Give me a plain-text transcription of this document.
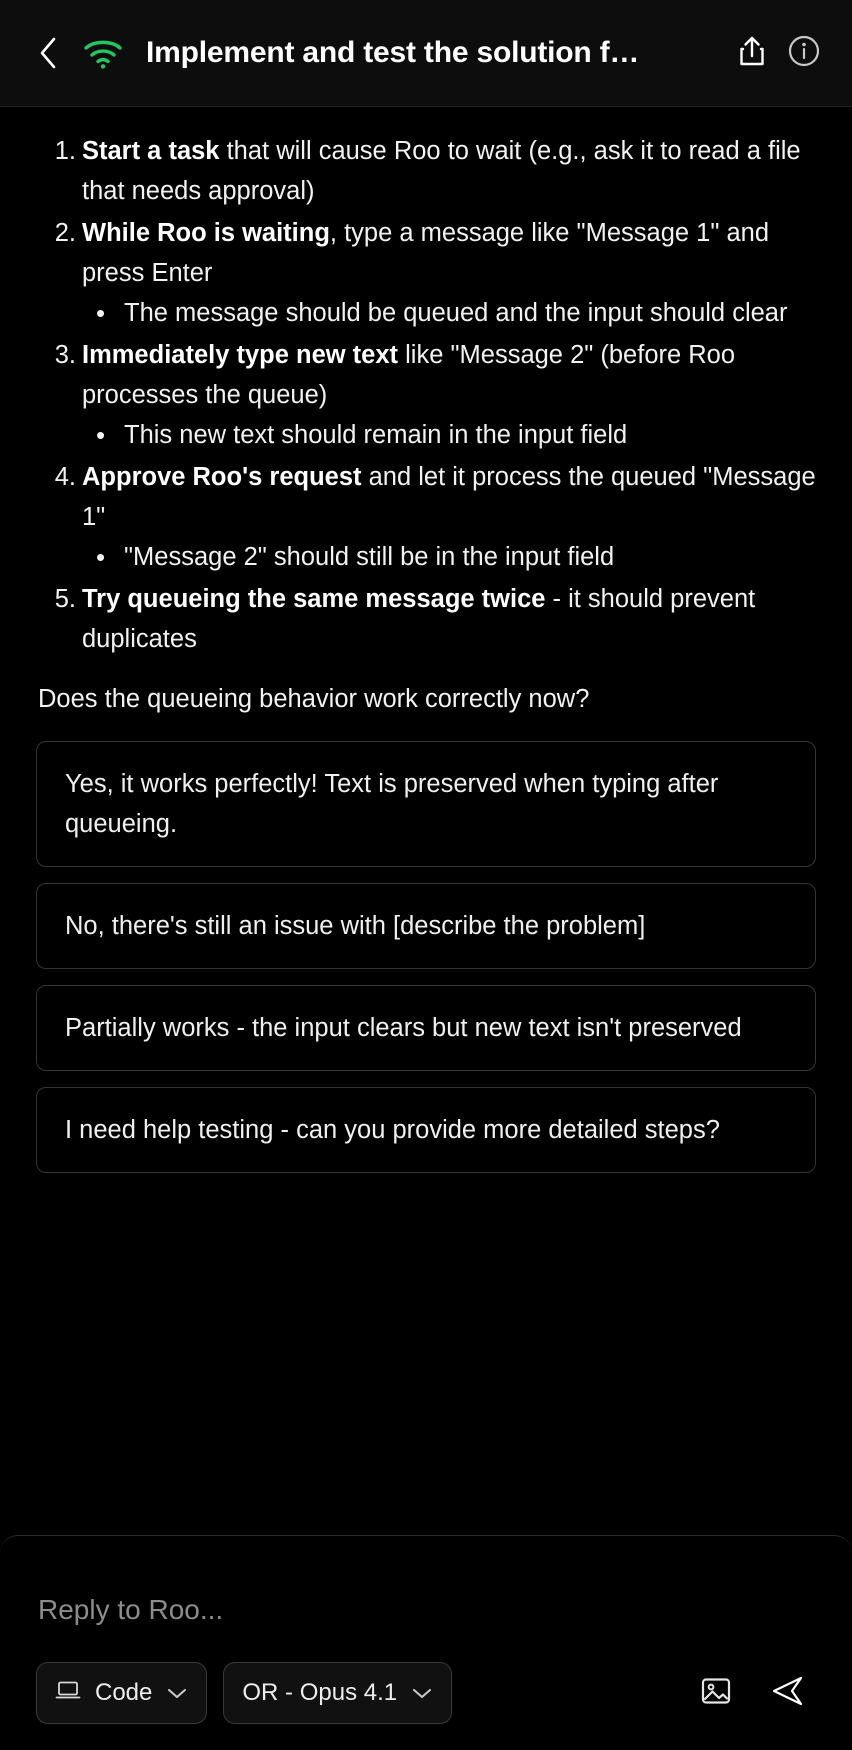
Implement and test the solution f…
Start a task that will cause Roo to wait (e.g., ask it to read a file that needs approval)
While Roo is waiting, type a message like "Message 1" and press Enter
• The message should be queued and the input should clear
Immediately type new text like "Message 2" (before Roo processes the queue)
• This new text should remain in the input field
Approve Roo's request and let it process the queued "Message 1"
• "Message 2" should still be in the input field
Try queueing the same message twice - it should prevent duplicates
Does the queueing behavior work correctly now?
Yes, it works perfectly! Text is preserved when typing after queueing.
No, there's still an issue with [describe the problem]
Partially works - the input clears but new text isn't preserved
I need help testing - can you provide more detailed steps?
Reply to Roo...
Code	OR - Opus 4.1
